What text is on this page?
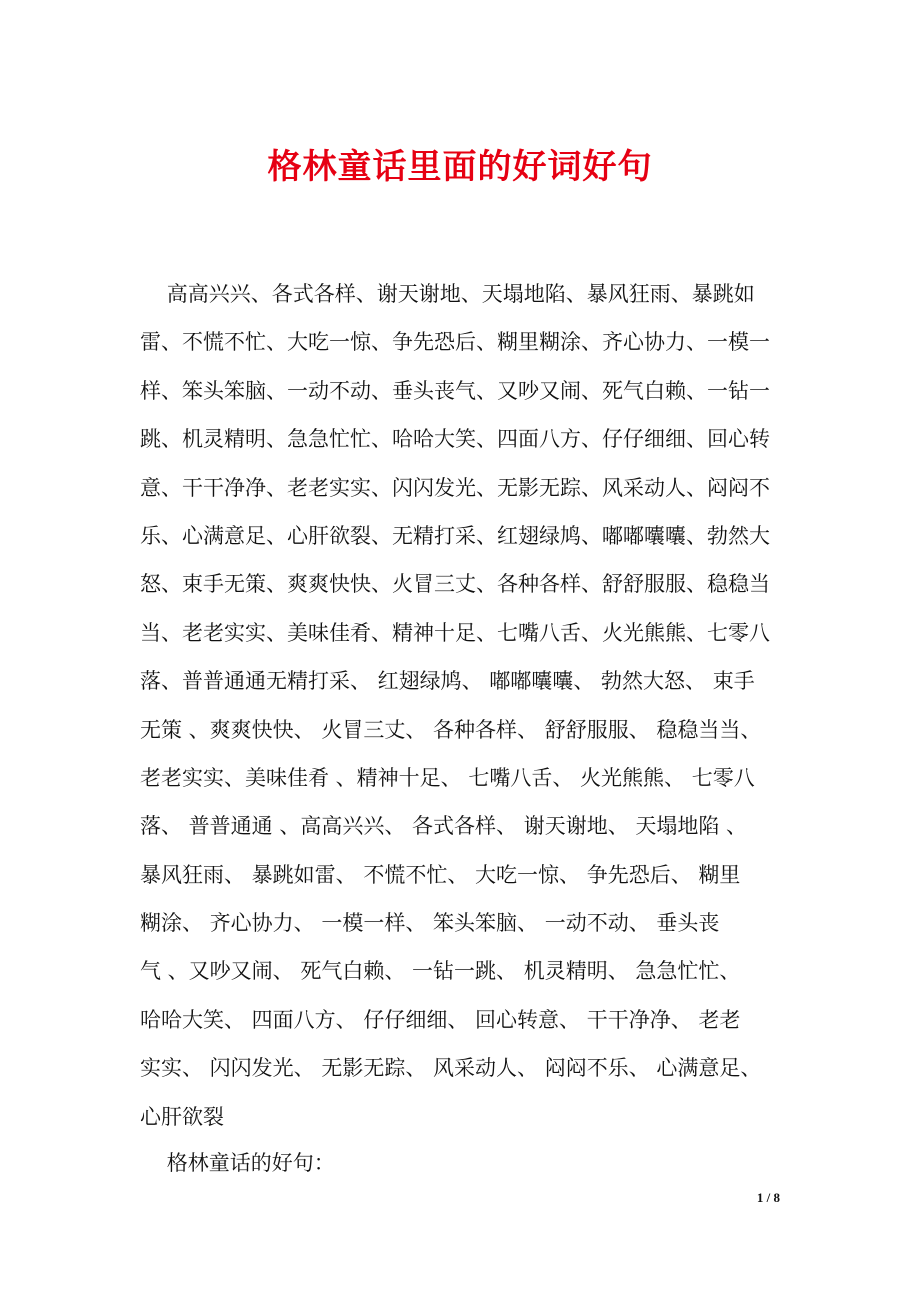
格林童话里面的好词好句
高高兴兴、各式各样、谢天谢地、天塌地陷、暴风狂雨、暴跳如
雷、不慌不忙、大吃一惊、争先恐后、糊里糊涂、齐心协力、一模一
样、笨头笨脑、一动不动、垂头丧气、又吵又闹、死气白赖、一钻一
跳、机灵精明、急急忙忙、哈哈大笑、四面八方、仔仔细细、回心转
意、干干净净、老老实实、闪闪发光、无影无踪、风采动人、闷闷不
乐、心满意足、心肝欲裂、无精打采、红翅绿鸠、嘟嘟囔囔、勃然大
怒、束手无策、爽爽快快、火冒三丈、各种各样、舒舒服服、稳稳当
当、老老实实、美味佳肴、精神十足、七嘴八舌、火光熊熊、七零八
落、普普通通无精打采、 红翅绿鸠、 嘟嘟囔囔、 勃然大怒、 束手
无策 、爽爽快快、 火冒三丈、 各种各样、 舒舒服服、 稳稳当当、
老老实实、美味佳肴 、精神十足、 七嘴八舌、 火光熊熊、 七零八
落、 普普通通 、高高兴兴、 各式各样、 谢天谢地、 天塌地陷 、
暴风狂雨、 暴跳如雷、 不慌不忙、 大吃一惊、 争先恐后、 糊里
糊涂、 齐心协力、 一模一样、 笨头笨脑、 一动不动、 垂头丧
气 、又吵又闹、 死气白赖、 一钻一跳、 机灵精明、 急急忙忙、
哈哈大笑、 四面八方、 仔仔细细、 回心转意、 干干净净、 老老
实实、 闪闪发光、 无影无踪、 风采动人、 闷闷不乐、 心满意足、
心肝欲裂
格林童话的好句：
1 / 8
